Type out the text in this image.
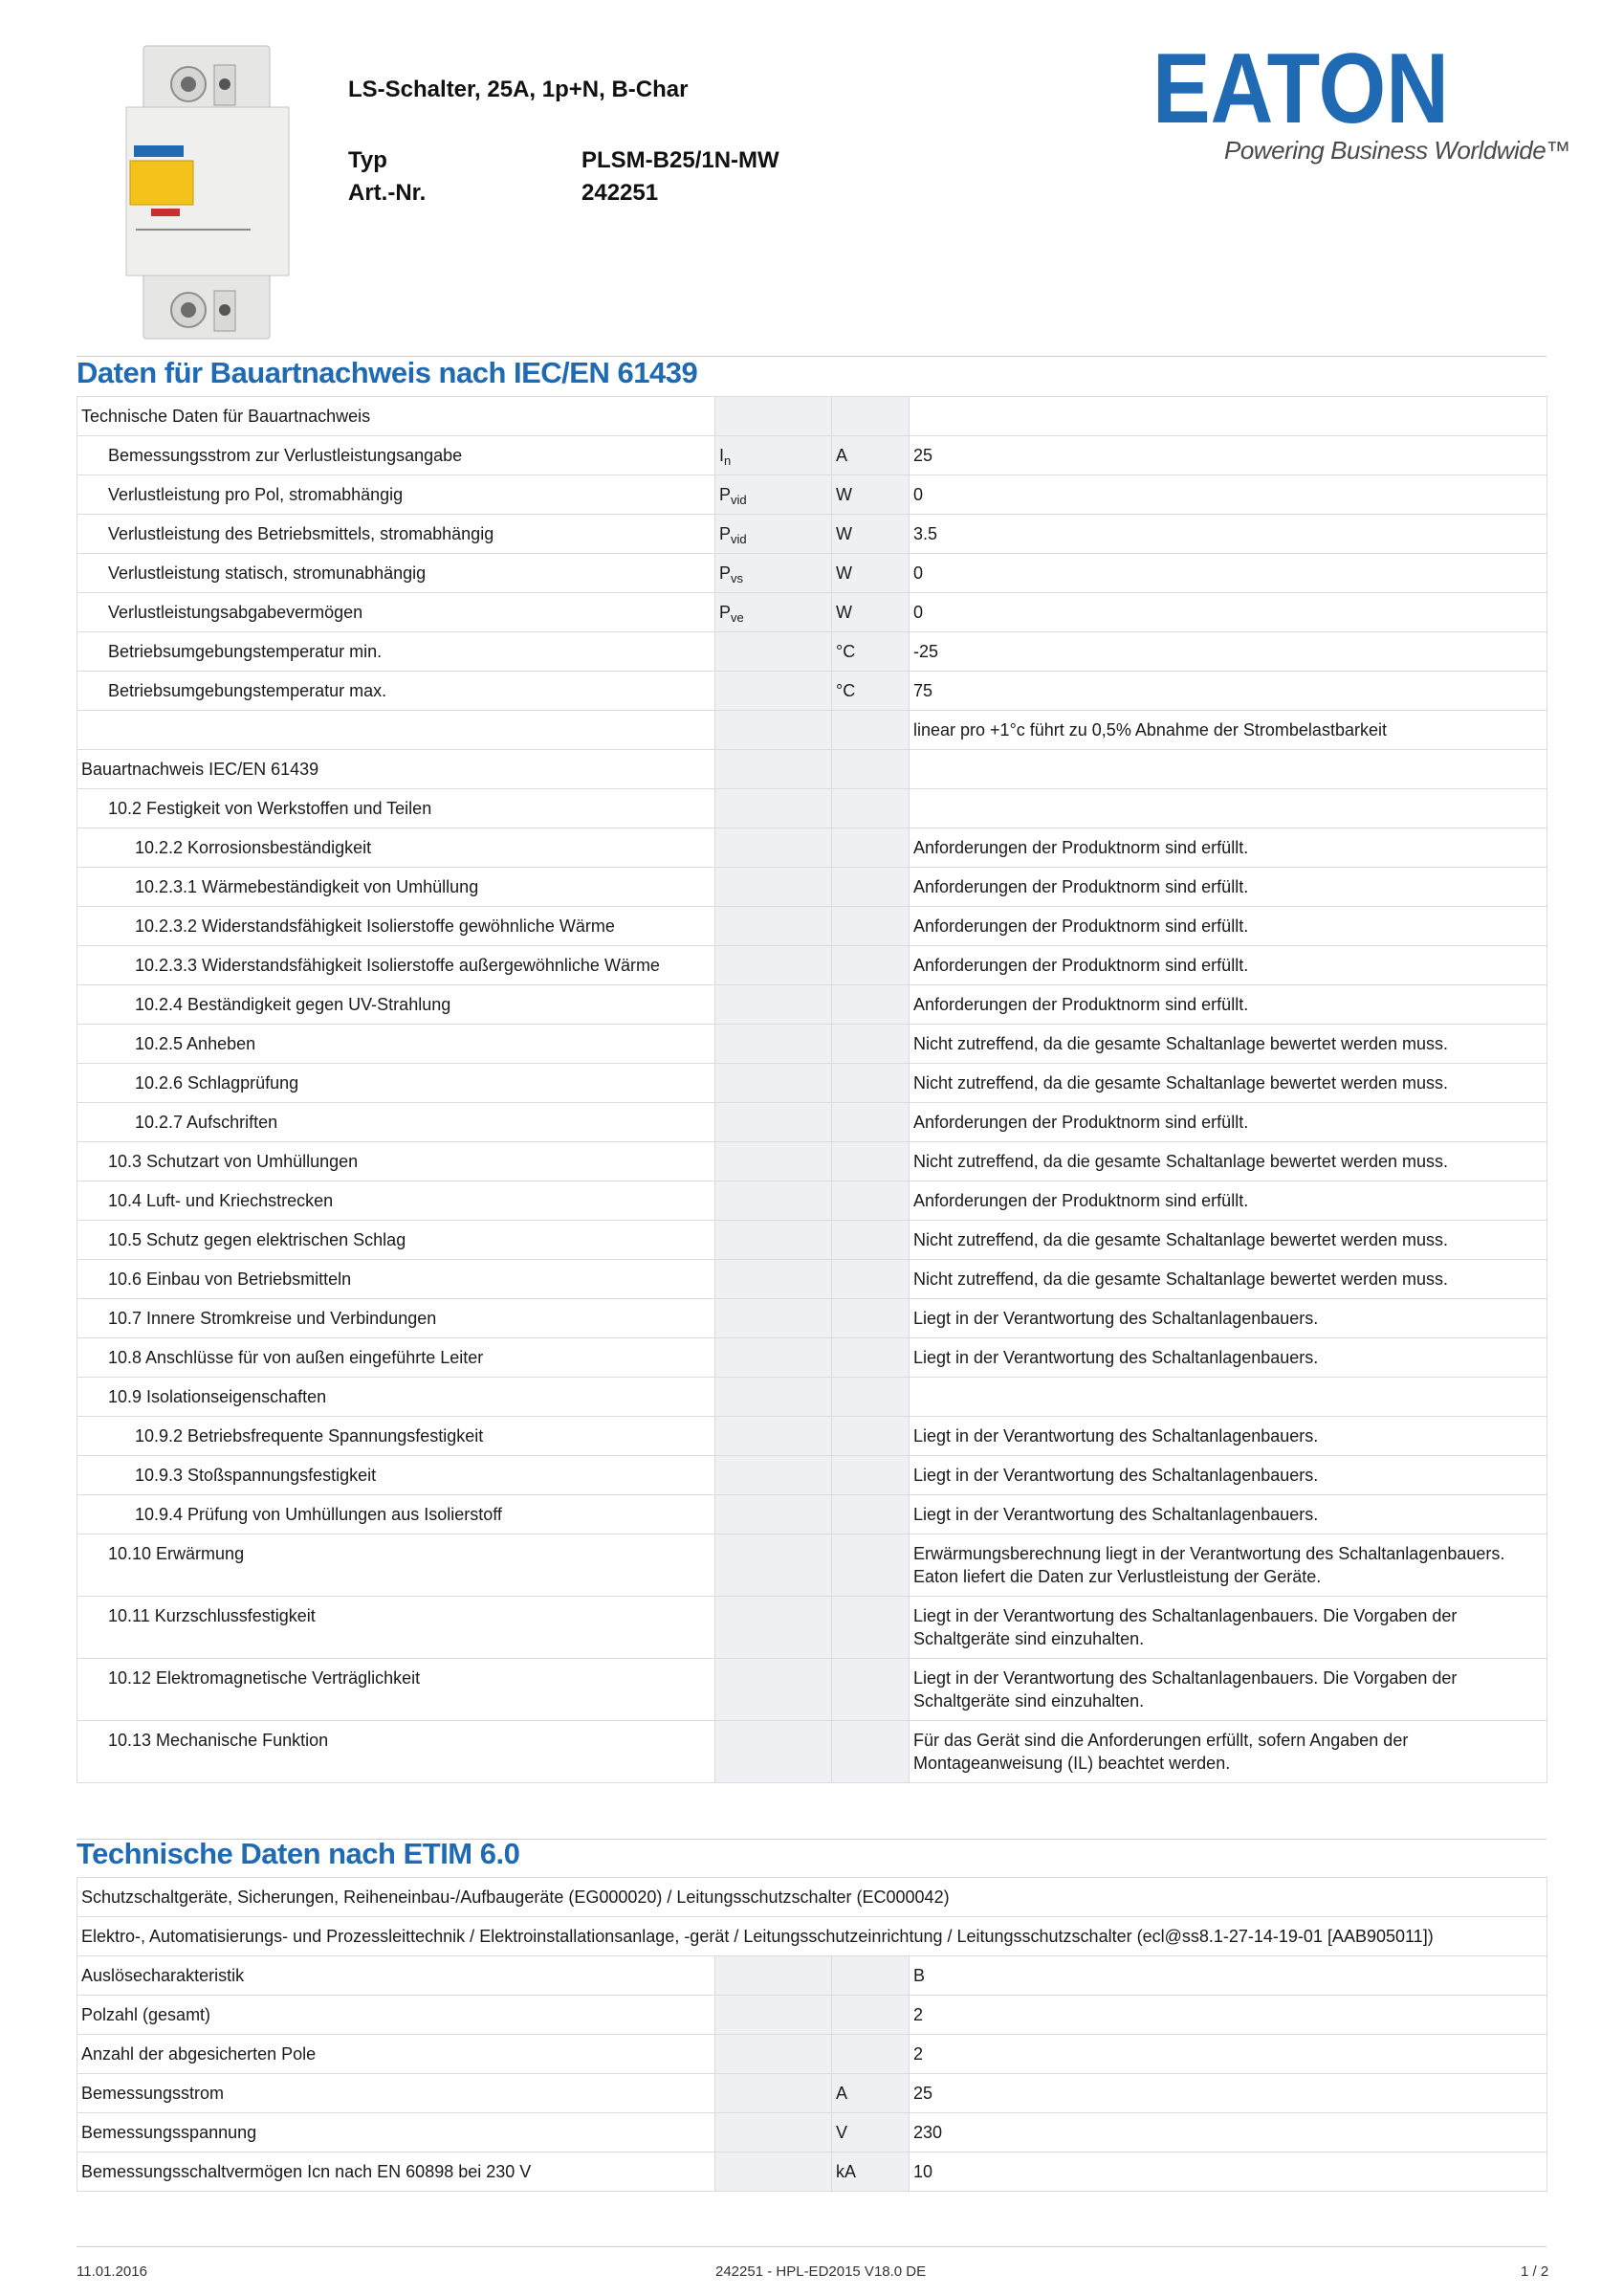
LS-Schalter, 25A, 1p+N, B-Char
Typ	PLSM-B25/1N-MW
Art.-Nr.	242251
EATON
Powering Business Worldwide™
Daten für Bauartnachweis nach IEC/EN 61439
Technische Daten für Bauartnachweis			
Bemessungsstrom zur Verlustleistungsangabe	$I_n$	A	25
Verlustleistung pro Pol, stromabhängig	$P_{vid}$	W	0
Verlustleistung des Betriebsmittels, stromabhängig	$P_{vid}$	W	3.5
Verlustleistung statisch, stromunabhängig	$P_{vs}$	W	0
Verlustleistungsabgabevermögen	$P_{ve}$	W	0
Betriebsumgebungstemperatur min.		°C	-25
Betriebsumgebungstemperatur max.		°C	75
			linear pro +1°c führt zu 0,5% Abnahme der Strombelastbarkeit
Bauartnachweis IEC/EN 61439			
10.2 Festigkeit von Werkstoffen und Teilen			
10.2.2 Korrosionsbeständigkeit			Anforderungen der Produktnorm sind erfüllt.
10.2.3.1 Wärmebeständigkeit von Umhüllung			Anforderungen der Produktnorm sind erfüllt.
10.2.3.2 Widerstandsfähigkeit Isolierstoffe gewöhnliche Wärme			Anforderungen der Produktnorm sind erfüllt.
10.2.3.3 Widerstandsfähigkeit Isolierstoffe außergewöhnliche Wärme			Anforderungen der Produktnorm sind erfüllt.
10.2.4 Beständigkeit gegen UV-Strahlung			Anforderungen der Produktnorm sind erfüllt.
10.2.5 Anheben			Nicht zutreffend, da die gesamte Schaltanlage bewertet werden muss.
10.2.6 Schlagprüfung			Nicht zutreffend, da die gesamte Schaltanlage bewertet werden muss.
10.2.7 Aufschriften			Anforderungen der Produktnorm sind erfüllt.
10.3 Schutzart von Umhüllungen			Nicht zutreffend, da die gesamte Schaltanlage bewertet werden muss.
10.4 Luft- und Kriechstrecken			Anforderungen der Produktnorm sind erfüllt.
10.5 Schutz gegen elektrischen Schlag			Nicht zutreffend, da die gesamte Schaltanlage bewertet werden muss.
10.6 Einbau von Betriebsmitteln			Nicht zutreffend, da die gesamte Schaltanlage bewertet werden muss.
10.7 Innere Stromkreise und Verbindungen			Liegt in der Verantwortung des Schaltanlagenbauers.
10.8 Anschlüsse für von außen eingeführte Leiter			Liegt in der Verantwortung des Schaltanlagenbauers.
10.9 Isolationseigenschaften			
10.9.2 Betriebsfrequente Spannungsfestigkeit			Liegt in der Verantwortung des Schaltanlagenbauers.
10.9.3 Stoßspannungsfestigkeit			Liegt in der Verantwortung des Schaltanlagenbauers.
10.9.4 Prüfung von Umhüllungen aus Isolierstoff			Liegt in der Verantwortung des Schaltanlagenbauers.
10.10 Erwärmung			Erwärmungsberechnung liegt in der Verantwortung des Schaltanlagenbauers. Eaton liefert die Daten zur Verlustleistung der Geräte.
10.11 Kurzschlussfestigkeit			Liegt in der Verantwortung des Schaltanlagenbauers. Die Vorgaben der Schaltgeräte sind einzuhalten.
10.12 Elektromagnetische Verträglichkeit			Liegt in der Verantwortung des Schaltanlagenbauers. Die Vorgaben der Schaltgeräte sind einzuhalten.
10.13 Mechanische Funktion			Für das Gerät sind die Anforderungen erfüllt, sofern Angaben der Montageanweisung (IL) beachtet werden.
Technische Daten nach ETIM 6.0
Schutzschaltgeräte, Sicherungen, Reiheneinbau-/Aufbaugeräte (EG000020) / Leitungsschutzschalter (EC000042)			
Elektro-, Automatisierungs- und Prozessleittechnik / Elektroinstallationsanlage, -gerät / Leitungsschutzeinrichtung / Leitungsschutzschalter (ecl@ss8.1-27-14-19-01 [AAB905011])			
Auslösecharakteristik			B
Polzahl (gesamt)			2
Anzahl der abgesicherten Pole			2
Bemessungsstrom		A	25
Bemessungsspannung		V	230
Bemessungsschaltvermögen Icn nach EN 60898 bei 230 V		kA	10
11.01.2016	242251 - HPL-ED2015 V18.0 DE	1 / 2
